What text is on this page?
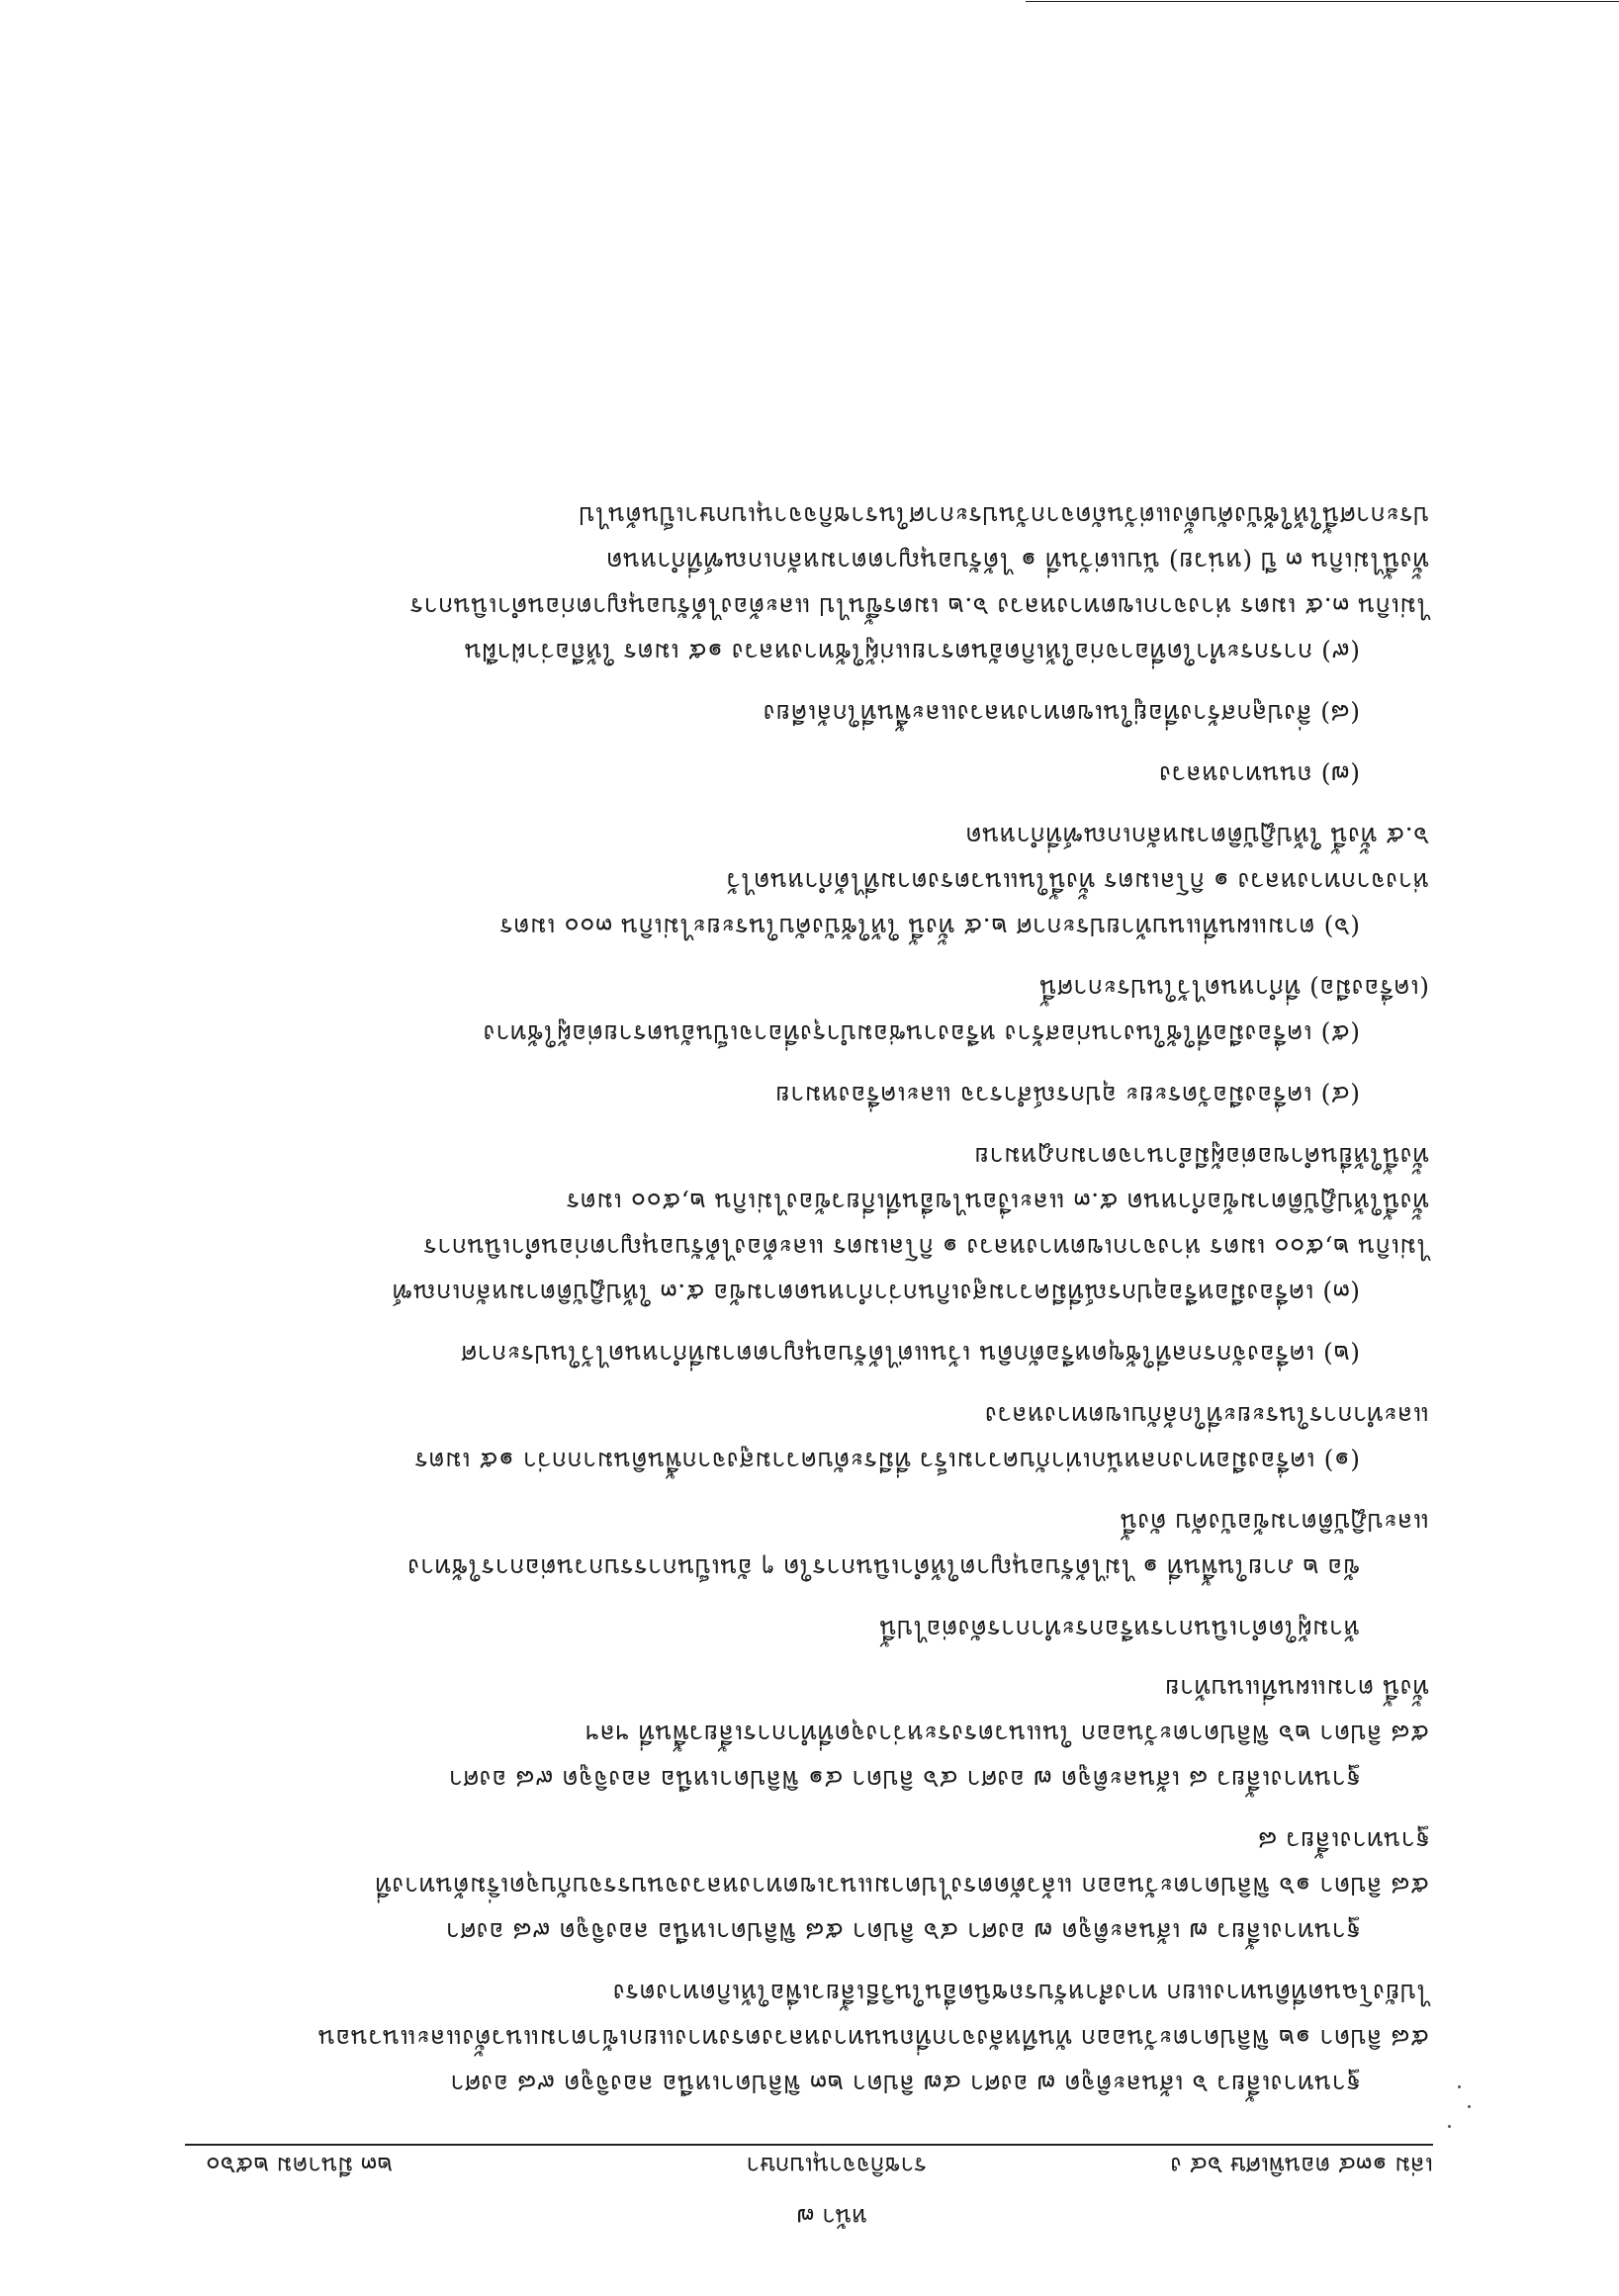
หน้า ๗
เล่ม ๑๓๔ ตอนพิเศษ ๖๔ ง
ราชกิจจานุเบกษา
๒๓ มีนาคม ๒๕๖๐
ฐานทางเลี้ยว ๖ เส้นละติจูด ๗ องศา ๔๗ ลิปดา ๒๓ ฟิลิปดาเหนือ ลองจิจูด ๙๘ องศา
๕๘ ลิปดา ๑๒ ฟิลิปดาตะวันออก ทันทีหลังจากที่ถนนทางหลวงตรงทางแยกเข้าตามแนวตั้งและแนวนอน
ไปยังโฉนดที่ดินทางแยก ทางสำหรับรถชนิดอื่นในวิธีเลี้ยวเพื่อให้เกิดทางตรง
ฐานทางเลี้ยว ๗ เส้นละติจูด ๗ องศา ๔๖ ลิปดา ๕๘ ฟิลิปดาเหนือ ลองจิจูด ๙๘ องศา
๕๘ ลิปดา ๑๖ ฟิลิปดาตะวันออก แล้วตัดตรงไปตามแนวเขตทางหลวงจนบรรจบกับจุดเริ่มต้นทางที่
ฐานทางเลี้ยว ๘
ฐานทางเลี้ยว ๘ เส้นละติจูด ๗ องศา ๔๖ ลิปดา ๔๑ ฟิลิปดาเหนือ ลองจิจูด ๙๘ องศา
๕๘ ลิปดา ๒๖ ฟิลิปดาตะวันออก ในแนวตรงระหว่างจุดที่ทำการเลี้ยวพื้นที่ ฯลฯ
ทั้งนี้ ตามแผนที่แนบท้าย
ห้ามผู้ใดดำเนินการหรือกระทำการดังต่อไปนี้
ข้อ ๒ ภายในพื้นที่ ๑ ไม่ได้รับอนุญาตให้ดำเนินการใด ๆ อันเป็นการรบกวนต่อการใช้ทาง
และปฏิบัติตามข้อบังคับ ดังนี้
(๑) เครื่องมือทางกลหนักเท่ากับความเร็ว ที่มีระดับความสูงจากพื้นดินมากกว่า ๑๕ เมตร
และทำการในระยะที่ใกล้กับเขตทางหลวง
(๒) เครื่องจักรกลที่ใช้ขุดหรือตักดิน เว้นแต่ได้รับอนุญาตตามที่กำหนดไว้ในประกาศ
(๓) เครื่องมือหรืออุปกรณ์ที่มีความสูงเกินกว่ากำหนดตามข้อ ๕.๓ ให้ปฏิบัติตามหลักเกณฑ์
ไม่เกิน ๒,๕๐๐ เมตร ห่างจากเขตทางหลวง ๑ กิโลเมตร และต้องได้รับอนุญาตก่อนดำเนินการ
ทั้งนี้ให้ปฏิบัติตามข้อกำหนด ๕.๓ และเงื่อนไขอื่นที่เกี่ยวข้องไม่เกิน ๒,๕๐๐ เมตร
ทั้งนี้ให้ยื่นคำขอต่อผู้มีอำนาจตามกฎหมาย
(๔) เครื่องมือวัดระยะ อุปกรณ์สำรวจ และเครื่องหมาย
(๕) เครื่องมือที่ใช้ในงานก่อสร้าง หรืองานซ่อมบำรุงที่อาจเป็นอันตรายต่อผู้ใช้ทาง
(เครื่องมือ) ที่กำหนดไว้ในประกาศนี้
(๖) ตามแผนที่แนบท้ายประกาศ ๒.๕ ทั้งนี้ ให้ใช้บังคับในระยะไม่เกิน ๓๐๐ เมตร
ห่างจากทางหลวง ๑ กิโลเมตร ทั้งนี้ในแนวตรงตามที่ได้กำหนดไว้
๖.๕ ทั้งนี้ ให้ปฏิบัติตามหลักเกณฑ์ที่กำหนด
(๗) ถนนทางหลวง
(๘) สิ่งปลูกสร้างที่อยู่ในเขตทางหลวงและพื้นที่ใกล้เคียง
(๙) การกระทำใดที่อาจก่อให้เกิดอันตรายแก่ผู้ใช้ทางหลวง ๑๕ เมตร ให้ถือว่าฝ่าฝืน
ไม่เกิน ๓.๕ เมตร ห่างจากเขตทางหลวง ๖.๒ เมตรขึ้นไป และต้องได้รับอนุญาตก่อนดำเนินการ
ทั้งนี้ไม่เกิน ๓ ปี (หน่วย) นับแต่วันที่ ๑ ได้รับอนุญาตตามหลักเกณฑ์ที่กำหนด
ประกาศนี้ให้ใช้บังคับตั้งแต่วันถัดจากวันประกาศในราชกิจจานุเบกษาเป็นต้นไป
